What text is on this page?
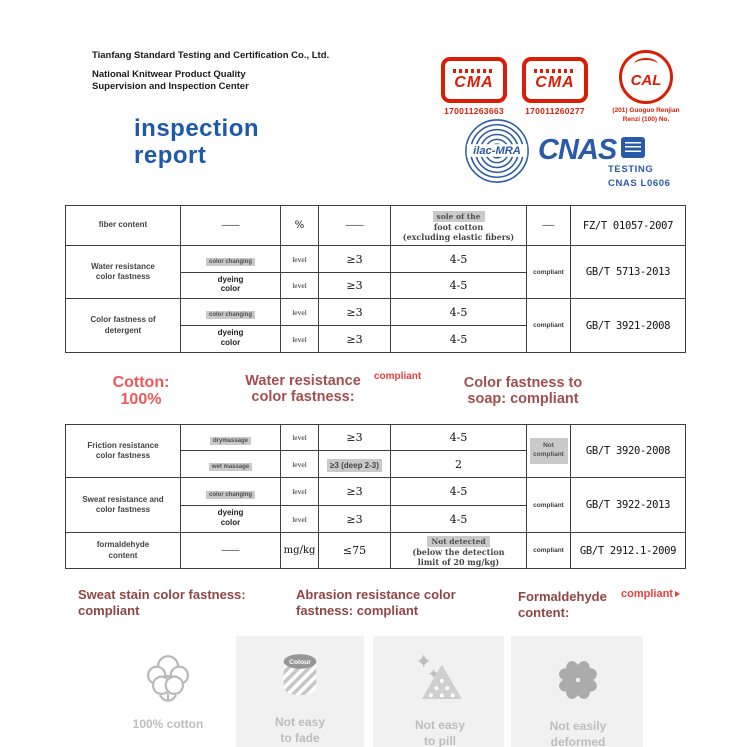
Tianfang Standard Testing and Certification Co., Ltd.
National Knitwear Product Quality
Supervision and Inspection Center
inspection
report
CMA
170011263663
CMA
170011260277
CAL
(201) Guoguo Renjian
Renzi (100) No.
ilac-MRA CNAS
TESTING
CNAS L0606
fiber content	———	%	———	sole of the
foot cotton
(excluding elastic fibers)	——	FZ/T 01057-2007
Water resistance color fastness	color changing	level	≥3	4-5	compliant	GB/T 5713-2013
	dyeing color	level	≥3	4-5		
Color fastness of detergent	color changing	level	≥3	4-5	compliant	GB/T 3921-2008
	dyeing color	level	≥3	4-5		
Cotton:
100%
Water resistance
color fastness:
compliant	Color fastness to
soap: compliant
Friction resistance color fastness	drymassage	level	≥3	4-5	Not compliant	GB/T 3920-2008
	wet massage	level	≥3 (deep 2-3)	2		
Sweat resistance and color fastness	color changing	level	≥3	4-5	compliant	GB/T 3922-2013
	dyeing color	level	≥3	4-5		
formaldehyde content	———	mg/kg	≤75	Not detected
(below the detection
limit of 20 mg/kg)	compliant	GB/T 2912.1-2009
Sweat stain color fastness:
compliant
Abrasion resistance color
fastness: compliant
Formaldehyde
content:
compliant
100% cotton
Colour
Not easy
to fade
Not easy
to pill
Not easily
deformed
